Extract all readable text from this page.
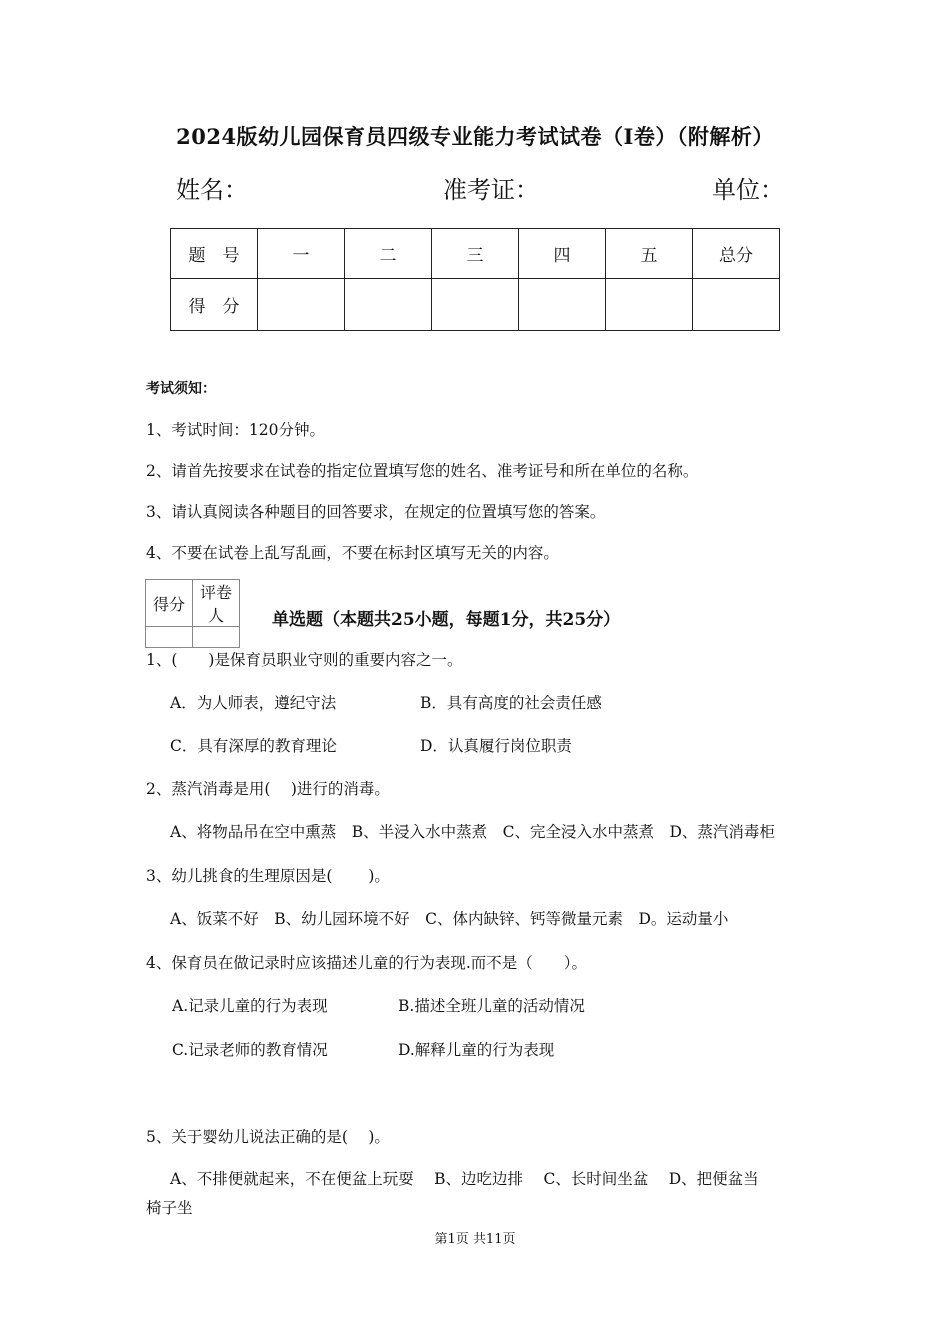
2024版幼儿园保育员四级专业能力考试试卷（I卷）（附解析）
姓名：	准考证：	单位：
题　号	一	二	三	四	五	总分
得　分						
考试须知：
1、考试时间：120分钟。
2、请首先按要求在试卷的指定位置填写您的姓名、准考证号和所在单位的名称。
3、请认真阅读各种题目的回答要求，在规定的位置填写您的答案。
4、不要在试卷上乱写乱画，不要在标封区填写无关的内容。
得分	评卷人
		单选题（本题共25小题，每题1分，共25分）
1、(　　)是保育员职业守则的重要内容之一。
A．为人师表，遵纪守法	B．具有高度的社会责任感
C．具有深厚的教育理论	D．认真履行岗位职责
2、蒸汽消毒是用(　 )进行的消毒。
A、将物品吊在空中熏蒸　B、半浸入水中蒸煮　C、完全浸入水中蒸煮　D、蒸汽消毒柜
3、幼儿挑食的生理原因是(　　 )。
A、饭菜不好　B、幼儿园环境不好　C、体内缺锌、钙等微量元素　D。运动量小
4、保育员在做记录时应该描述儿童的行为表现.而不是（　　）。
A.记录儿童的行为表现	B.描述全班儿童的活动情况
C.记录老师的教育情况	D.解释儿童的行为表现
5、关于婴幼儿说法正确的是(　 )。
A、不排便就起来，不在便盆上玩耍　 B、边吃边排　 C、长时间坐盆　 D、把便盆当
椅子坐
第1页 共11页
